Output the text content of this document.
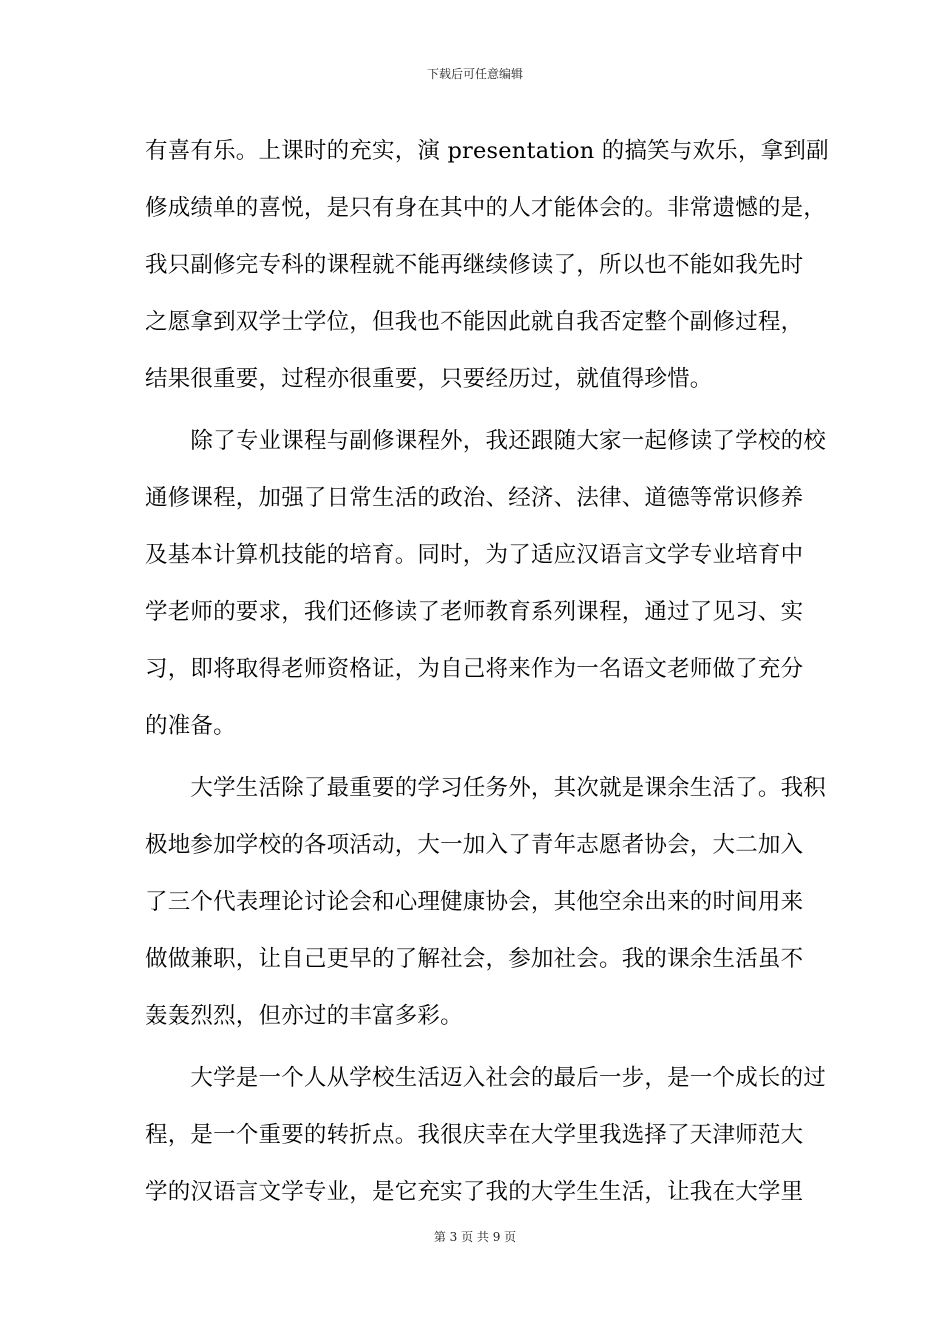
下载后可任意编辑
有喜有乐。上课时的充实，演 presentation 的搞笑与欢乐，拿到副
修成绩单的喜悦，是只有身在其中的人才能体会的。非常遗憾的是，
我只副修完专科的课程就不能再继续修读了，所以也不能如我先时
之愿拿到双学士学位，但我也不能因此就自我否定整个副修过程，
结果很重要，过程亦很重要，只要经历过，就值得珍惜。
　　除了专业课程与副修课程外，我还跟随大家一起修读了学校的校
通修课程，加强了日常生活的政治、经济、法律、道德等常识修养
及基本计算机技能的培育。同时，为了适应汉语言文学专业培育中
学老师的要求，我们还修读了老师教育系列课程，通过了见习、实
习，即将取得老师资格证，为自己将来作为一名语文老师做了充分
的准备。
　　大学生活除了最重要的学习任务外，其次就是课余生活了。我积
极地参加学校的各项活动，大一加入了青年志愿者协会，大二加入
了三个代表理论讨论会和心理健康协会，其他空余出来的时间用来
做做兼职，让自己更早的了解社会，参加社会。我的课余生活虽不
轰轰烈烈，但亦过的丰富多彩。
　　大学是一个人从学校生活迈入社会的最后一步，是一个成长的过
程，是一个重要的转折点。我很庆幸在大学里我选择了天津师范大
学的汉语言文学专业，是它充实了我的大学生生活，让我在大学里
第 3 页 共 9 页
